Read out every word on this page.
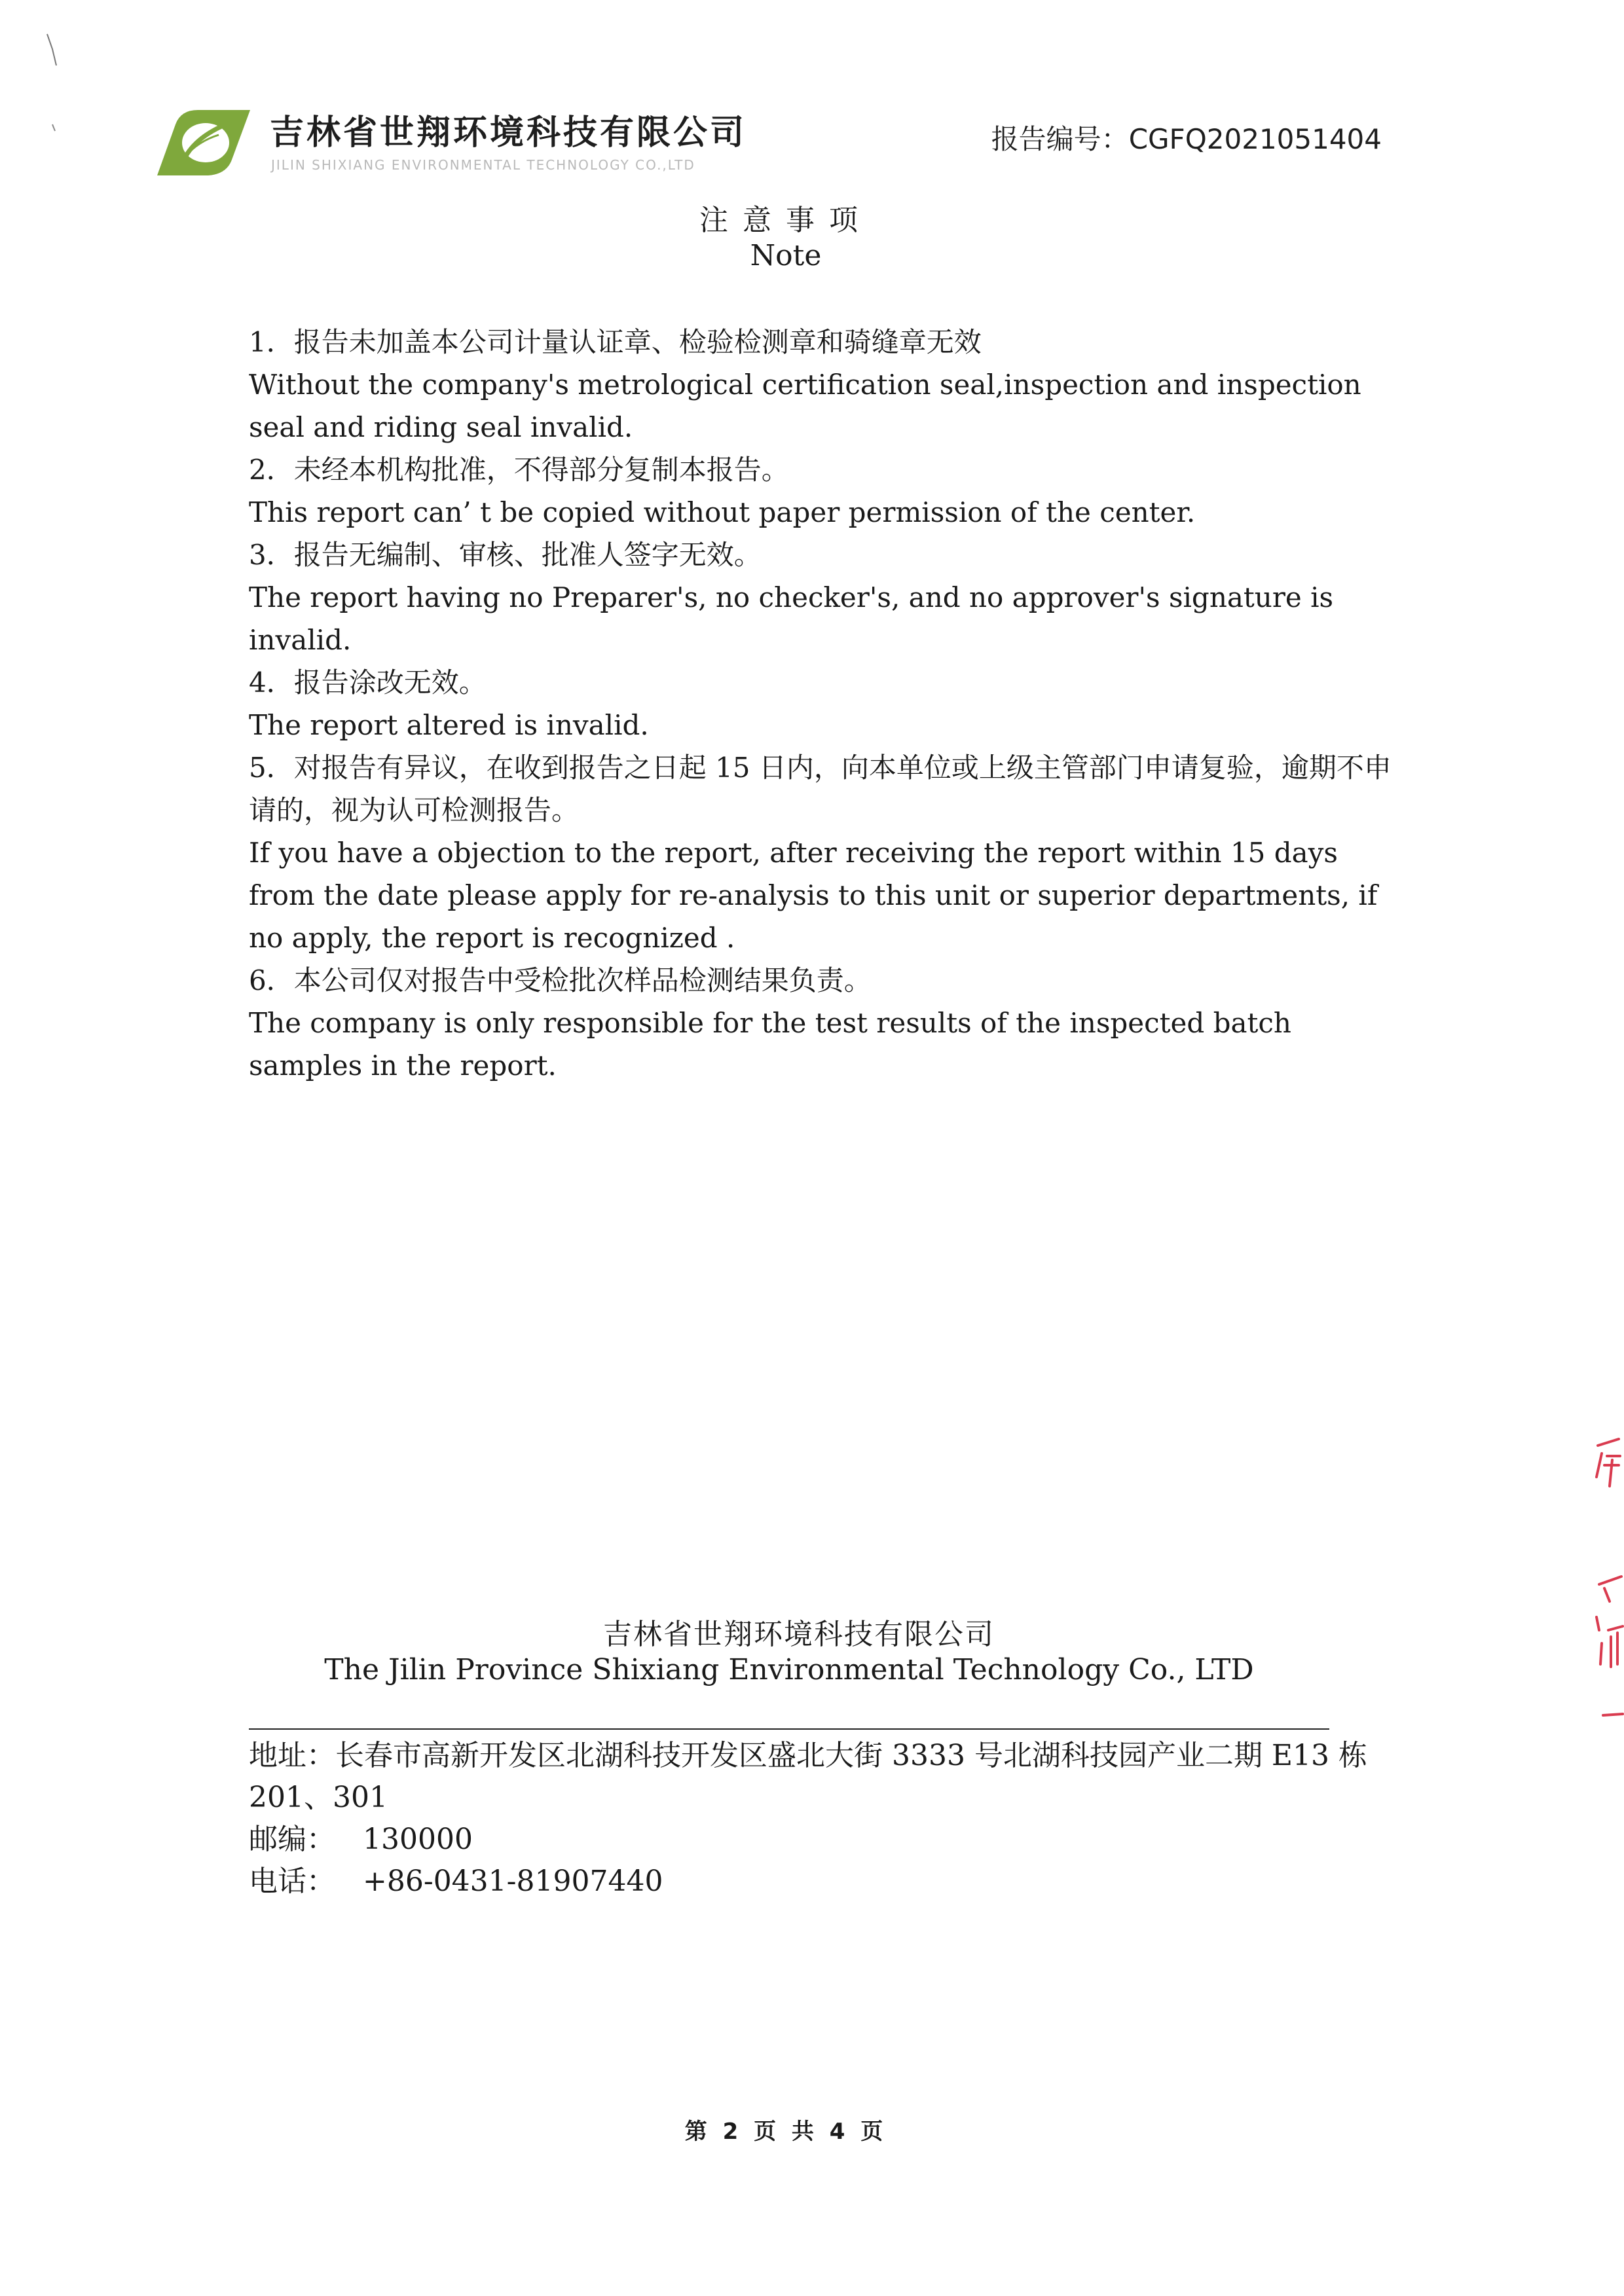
吉林省世翔环境科技有限公司
JILIN SHIXIANG ENVIRONMENTAL TECHNOLOGY CO.,LTD
报告编号：CGFQ2021051404
注意事项
Note

1．报告未加盖本公司计量认证章、检验检测章和骑缝章无效

Without the company's metrological certification seal,inspection and inspection seal and riding seal invalid.

2．未经本机构批准，不得部分复制本报告。

This report can’ t be copied without paper permission of the center.

3．报告无编制、审核、批准人签字无效。

The report having no Preparer's, no checker's, and no approver's signature is invalid.

4．报告涂改无效。

The report altered is invalid.

5．对报告有异议，在收到报告之日起 15 日内，向本单位或上级主管部门申请复验，逾期不申请的，视为认可检测报告。

If you have a objection to the report, after receiving the report within 15 days from the date please apply for re-analysis to this unit or superior departments, if no apply, the report is recognized .

6．本公司仅对报告中受检批次样品检测结果负责。

The company is only responsible for the test results of the inspected batch samples in the report.

吉林省世翔环境科技有限公司
The Jilin Province Shixiang Environmental Technology Co., LTD

地址：长春市高新开发区北湖科技开发区盛北大街 3333 号北湖科技园产业二期 E13 栋 201、301

邮编： 130000

电话： +86-0431-81907440

第 2 页 共 4 页
